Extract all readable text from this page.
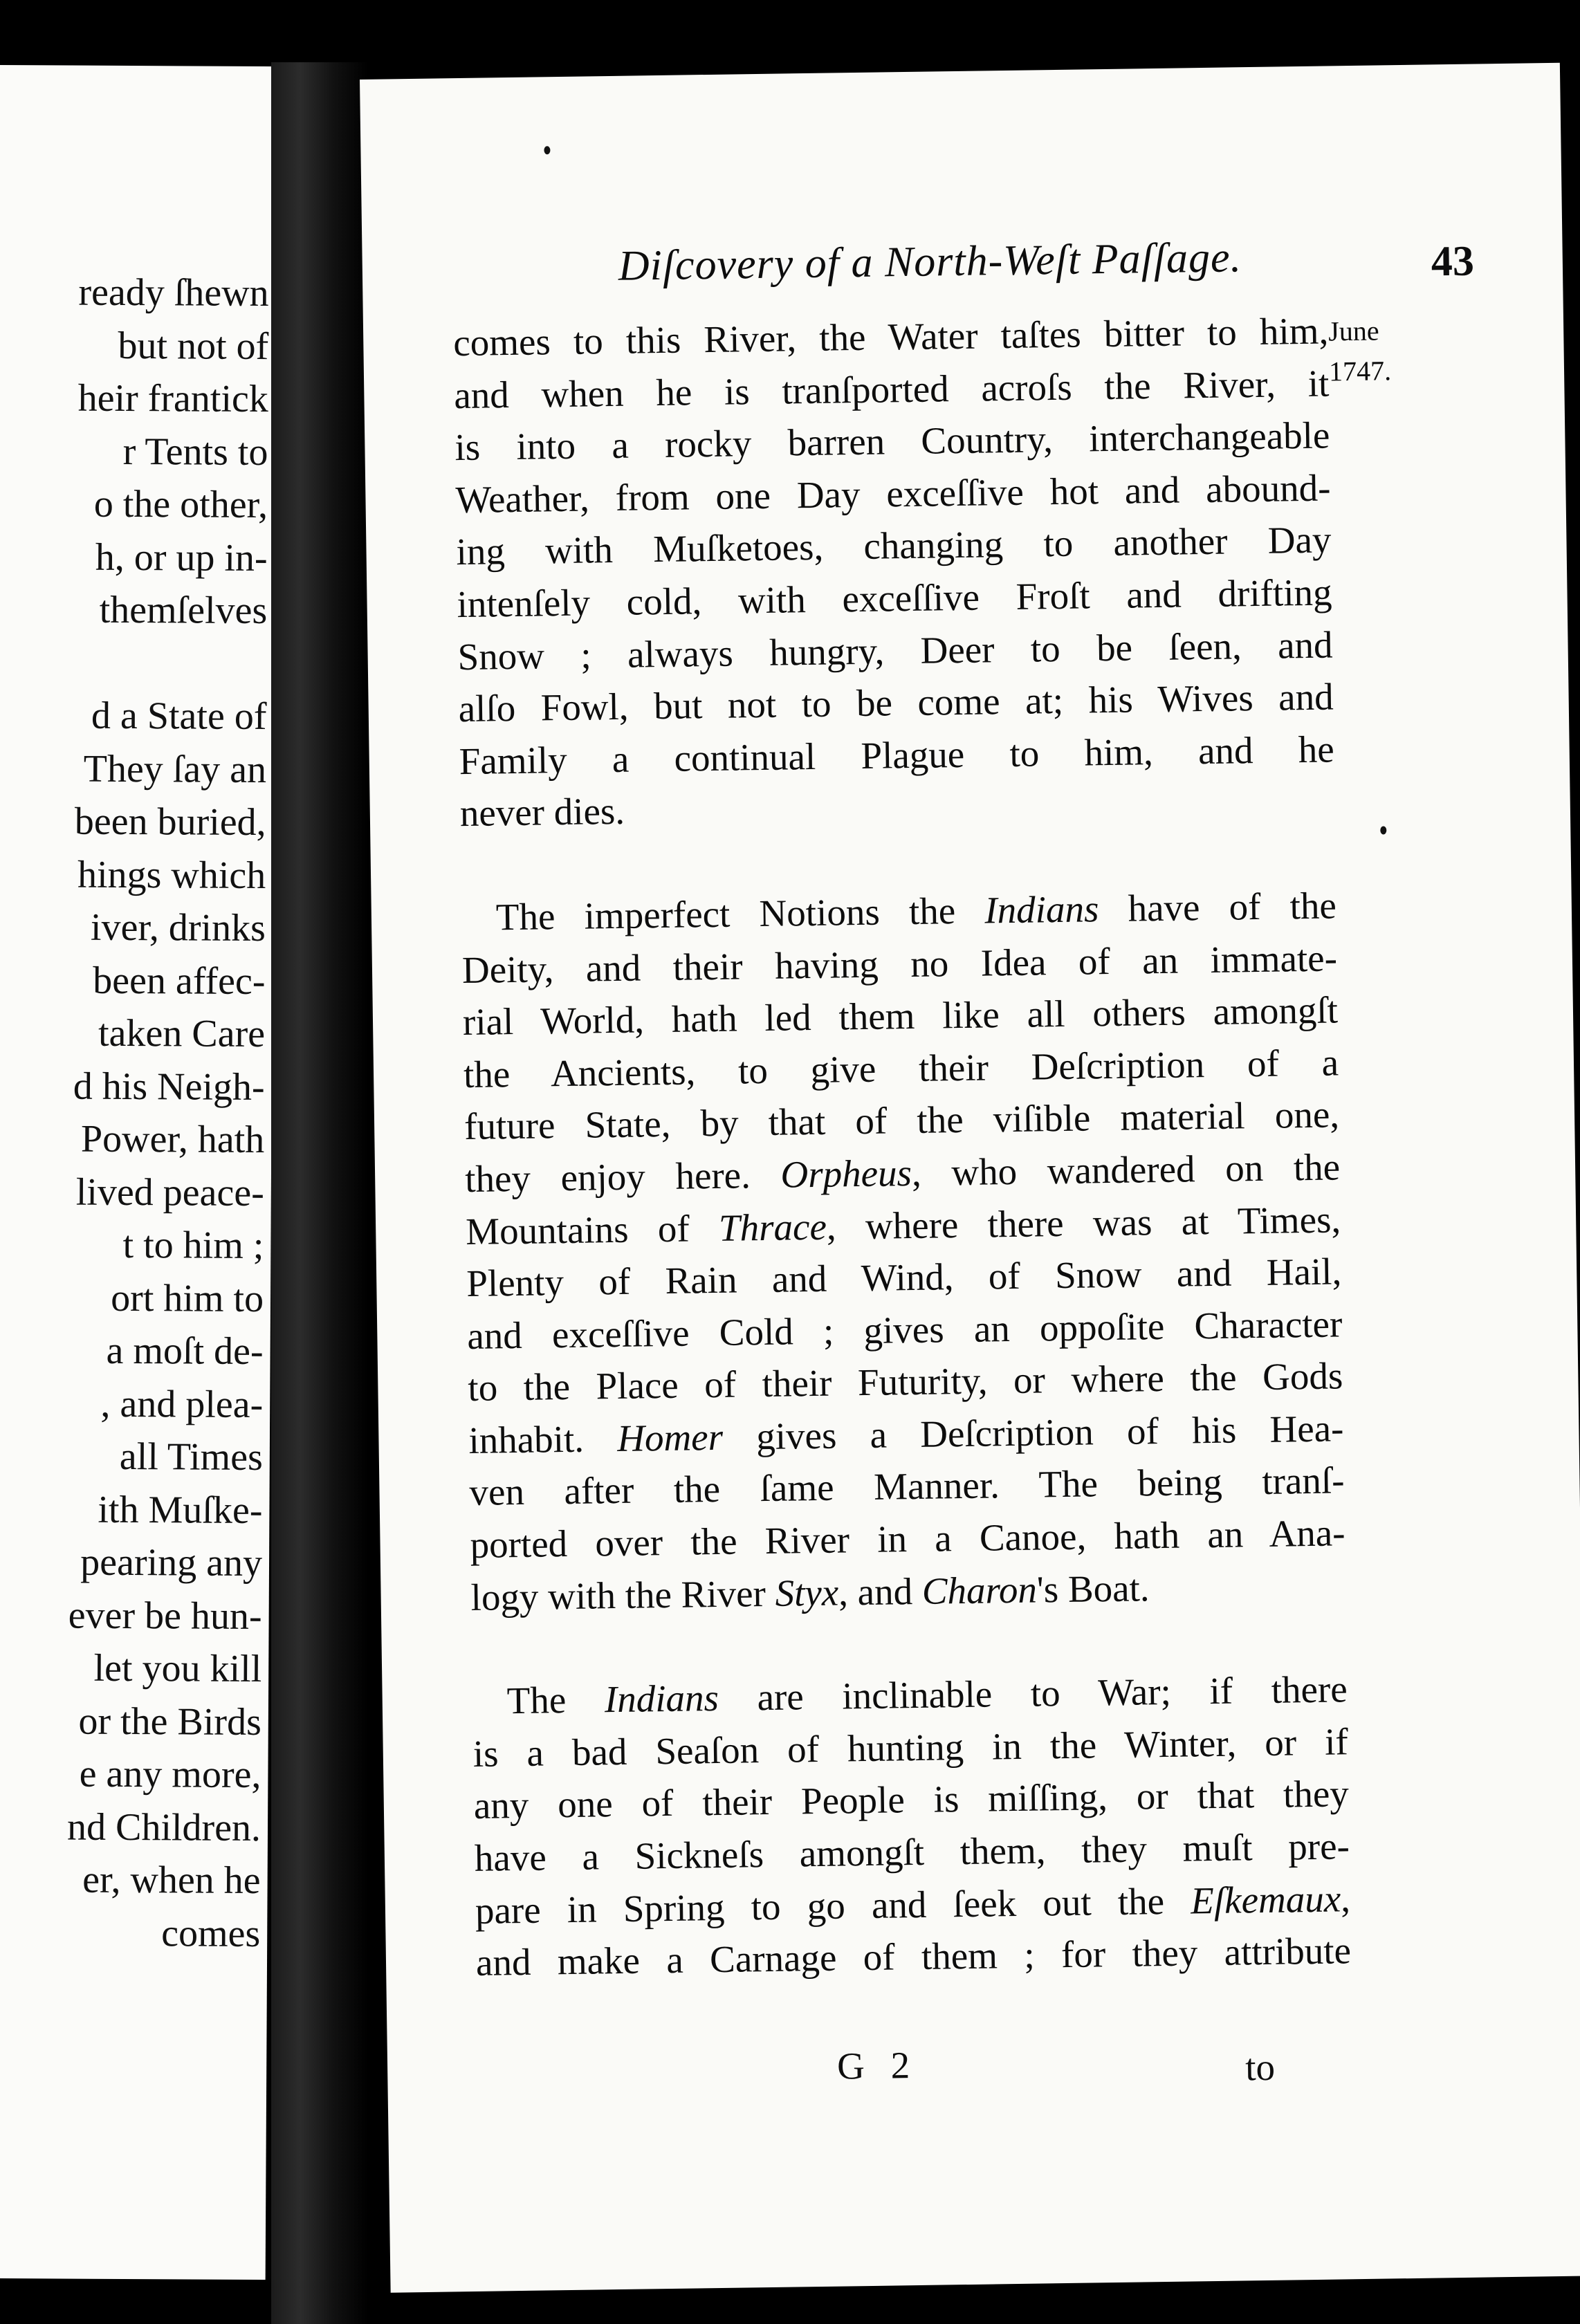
ready ſhewn
but not of
heir frantick
r Tents to
o the other,
h, or up in-
themſelves

d a State of
They ſay an
been buried,
hings which
iver, drinks
been affec-
taken Care
d his Neigh-
Power, hath
lived peace-
t to him ;
ort him to
a moſt de-
, and plea-
all Times
ith Muſke-
pearing any
ever be hun-
let you kill
or the Birds
e any more,
nd Children.
er, when he
comes
Diſcovery of a North-Weſt Paſſage.	43
June
1747.
comes to this River, the Water taſtes bitter to him,
and when he is tranſported acroſs the River, it
is into a rocky barren Country, interchangeable
Weather, from one Day exceſſive hot and abound-
ing with Muſketoes, changing to another Day
intenſely cold, with exceſſive Froſt and drifting
Snow ; always hungry, Deer to be ſeen, and
alſo Fowl, but not to be come at; his Wives and
Family a continual Plague to him, and he
never dies.
The imperfect Notions the Indians have of the
Deity, and their having no Idea of an immate-
rial World, hath led them like all others amongſt
the Ancients, to give their Deſcription of a
future State, by that of the viſible material one,
they enjoy here. Orpheus, who wandered on the
Mountains of Thrace, where there was at Times,
Plenty of Rain and Wind, of Snow and Hail,
and exceſſive Cold ; gives an oppoſite Character
to the Place of their Futurity, or where the Gods
inhabit. Homer gives a Deſcription of his Hea-
ven after the ſame Manner. The being tranſ-
ported over the River in a Canoe, hath an Ana-
logy with the River Styx, and Charon's Boat.
The Indians are inclinable to War; if there
is a bad Seaſon of hunting in the Winter, or if
any one of their People is miſſing, or that they
have a Sickneſs amongſt them, they muſt pre-
pare in Spring to go and ſeek out the Eſkemaux,
and make a Carnage of them ; for they attribute
G 2	to
